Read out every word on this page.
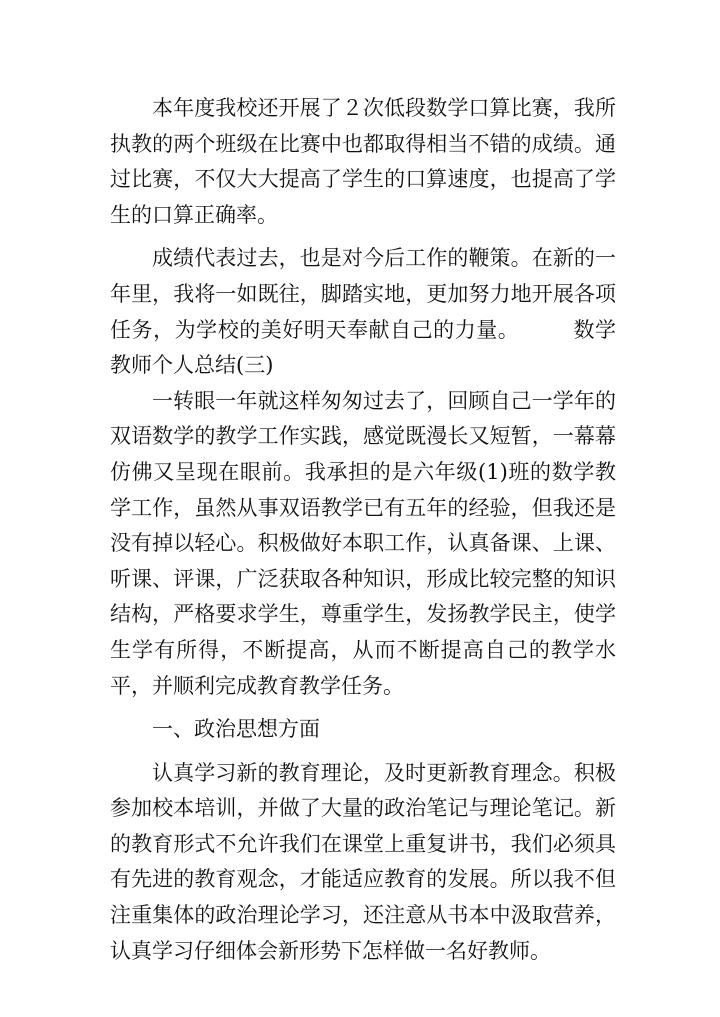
本年度我校还开展了２次低段数学口算比赛，我所执教的两个班级在比赛中也都取得相当不错的成绩。通过比赛，不仅大大提高了学生的口算速度，也提高了学生的口算正确率。

成绩代表过去，也是对今后工作的鞭策。在新的一年里，我将一如既往，脚踏实地，更加努力地开展各项任务，为学校的美好明天奉献自己的力量。　　　数学教师个人总结(三)

一转眼一年就这样匆匆过去了，回顾自己一学年的双语数学的教学工作实践，感觉既漫长又短暂，一幕幕仿佛又呈现在眼前。我承担的是六年级(1)班的数学教学工作，虽然从事双语教学已有五年的经验，但我还是没有掉以轻心。积极做好本职工作，认真备课、上课、听课、评课，广泛获取各种知识，形成比较完整的知识结构，严格要求学生，尊重学生，发扬教学民主，使学生学有所得，不断提高，从而不断提高自己的教学水平，并顺利完成教育教学任务。

一、政治思想方面

认真学习新的教育理论，及时更新教育理念。积极参加校本培训，并做了大量的政治笔记与理论笔记。新的教育形式不允许我们在课堂上重复讲书，我们必须具有先进的教育观念，才能适应教育的发展。所以我不但注重集体的政治理论学习，还注意从书本中汲取营养，认真学习仔细体会新形势下怎样做一名好教师。
